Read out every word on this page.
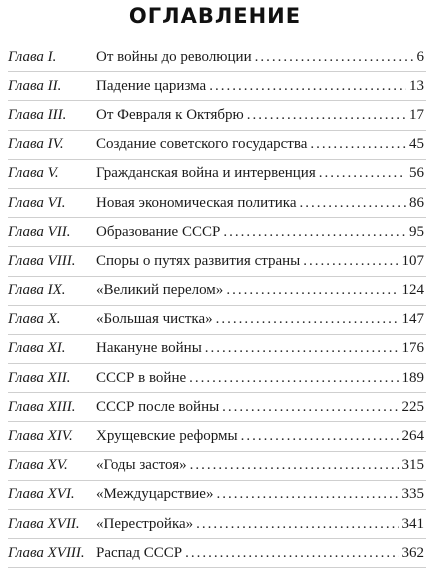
ОГЛАВЛЕНИЕ
Глава I.	От войны до революции .....	6
Глава II.	Падение царизма .....	13
Глава III.	От Февраля к Октябрю .....	17
Глава IV.	Создание советского государства .....	45
Глава V.	Гражданская война и интервенция .....	56
Глава VI.	Новая экономическая политика .....	86
Глава VII.	Образование СССР .....	95
Глава VIII.	Споры о путях развития страны .....	107
Глава IX.	«Великий перелом» .....	124
Глава X.	«Большая чистка» .....	147
Глава XI.	Накануне войны .....	176
Глава XII.	СССР в войне .....	189
Глава XIII.	СССР после войны .....	225
Глава XIV.	Хрущевские реформы .....	264
Глава XV.	«Годы застоя» .....	315
Глава XVI.	«Междуцарствие» .....	335
Глава XVII.	«Перестройка» .....	341
Глава XVIII. Распад СССР .....	362
